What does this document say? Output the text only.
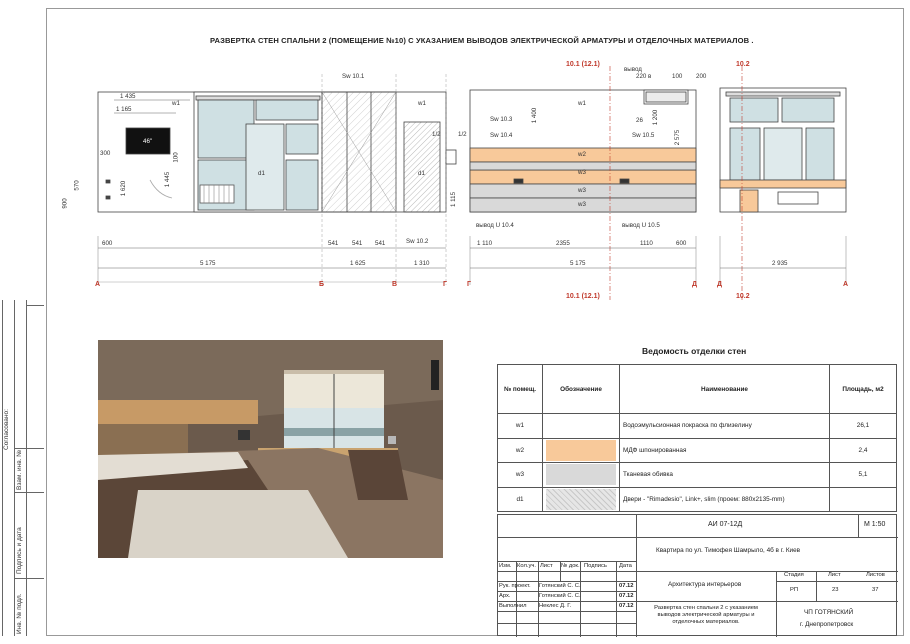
РАЗВЕРТКА СТЕН СПАЛЬНИ 2 (ПОМЕЩЕНИЕ №10) С УКАЗАНИЕМ ВЫВОДОВ ЭЛЕКТРИЧЕСКОЙ АРМАТУРЫ И ОТДЕЛОЧНЫХ МАТЕРИАЛОВ .
1 435
1 165
w1
46"
300
570
900
1 620
1 445
100
600
Sw 10.1
541 541 541	Sw 10.2
w1
d1
d1
1/2	1/2
5 175	1 625	1 310
w1
w2
w3
w3
w3
Sw 10.3
Sw 10.4	Sw 10.5
вывод U 10.4	вывод U 10.5
вывод
220 в	100 200
26
1 400
2 575
1 115
1 200
1 110	2355	1110	600
5 175	2 935
10.1 (12.1)
10.1 (12.1)
10.2
10.2
А	Б	В	Г	Г	Д	Д	А
Согласовано:
Взам. инв. №
Подпись и дата
Инв. № подл.
Ведомость отделки стен
№ помещ.	Обозначение	Наименование	Площадь, м2
w1		Водоэмульсионная покраска по флизелину	26,1
w2		МДФ шпонированная	2,4
w3		Тканевая обивка	5,1
d1		Двери - "Rimadesio", Link+, slim (проем: 880x2135-mm)	
АИ 07-12Д	М 1:50
Квартира по ул. Тимофея Шамрыло, 4б в г. Киев
Изм. Кол.уч. Лист № док. Подпись Дата
Рук. проект. Готянский С. С.	07.12
Арх.	Готянский С. С.	07.12
Выполнил Неклес Д. Г.	07.12
Архитектура интерьеров
Стадия	Лист	Листов
РП	23	37
Развертка стен спальни 2 с указанием выводов электрической арматуры и отделочных материалов.
ЧП ГОТЯНСКИЙ
г. Днепропетровск
